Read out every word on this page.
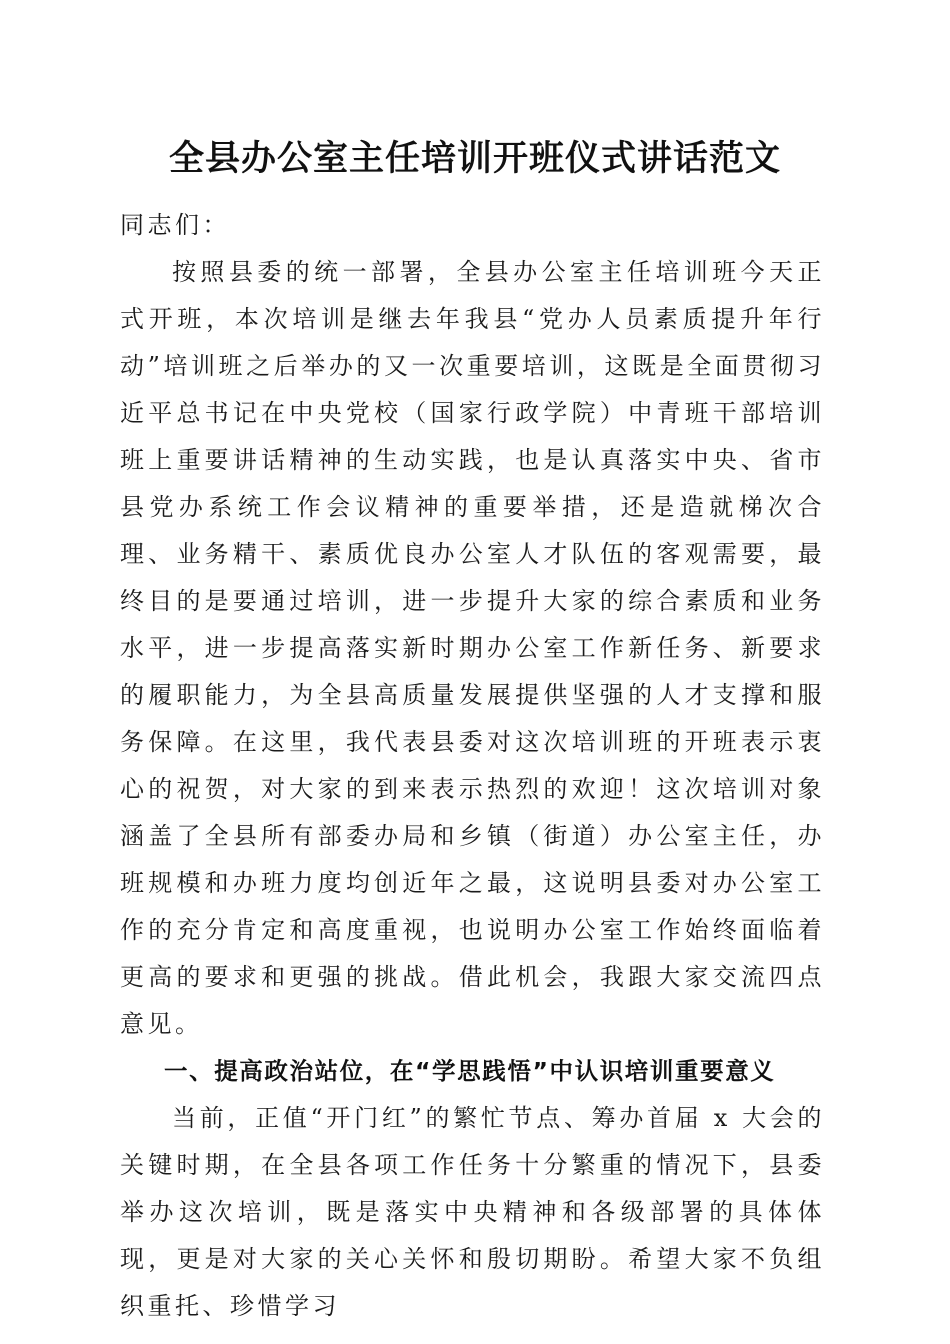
全县办公室主任培训开班仪式讲话范文

同志们：

按照县委的统一部署，全县办公室主任培训班今天正式开班，本次培训是继去年我县“党办人员素质提升年行动”培训班之后举办的又一次重要培训，这既是全面贯彻习近平总书记在中央党校（国家行政学院）中青班干部培训班上重要讲话精神的生动实践，也是认真落实中央、省市县党办系统工作会议精神的重要举措，还是造就梯次合理、业务精干、素质优良办公室人才队伍的客观需要，最终目的是要通过培训，进一步提升大家的综合素质和业务水平，进一步提高落实新时期办公室工作新任务、新要求的履职能力，为全县高质量发展提供坚强的人才支撑和服务保障。在这里，我代表县委对这次培训班的开班表示衷心的祝贺，对大家的到来表示热烈的欢迎！这次培训对象涵盖了全县所有部委办局和乡镇（街道）办公室主任，办班规模和办班力度均创近年之最，这说明县委对办公室工作的充分肯定和高度重视，也说明办公室工作始终面临着更高的要求和更强的挑战。借此机会，我跟大家交流四点意见。

一、提高政治站位，在“学思践悟”中认识培训重要意义

当前，正值“开门红”的繁忙节点、筹办首届 x 大会的关键时期，在全县各项工作任务十分繁重的情况下，县委举办这次培训，既是落实中央精神和各级部署的具体体现，更是对大家的关心关怀和殷切期盼。希望大家不负组织重托、珍惜学习
